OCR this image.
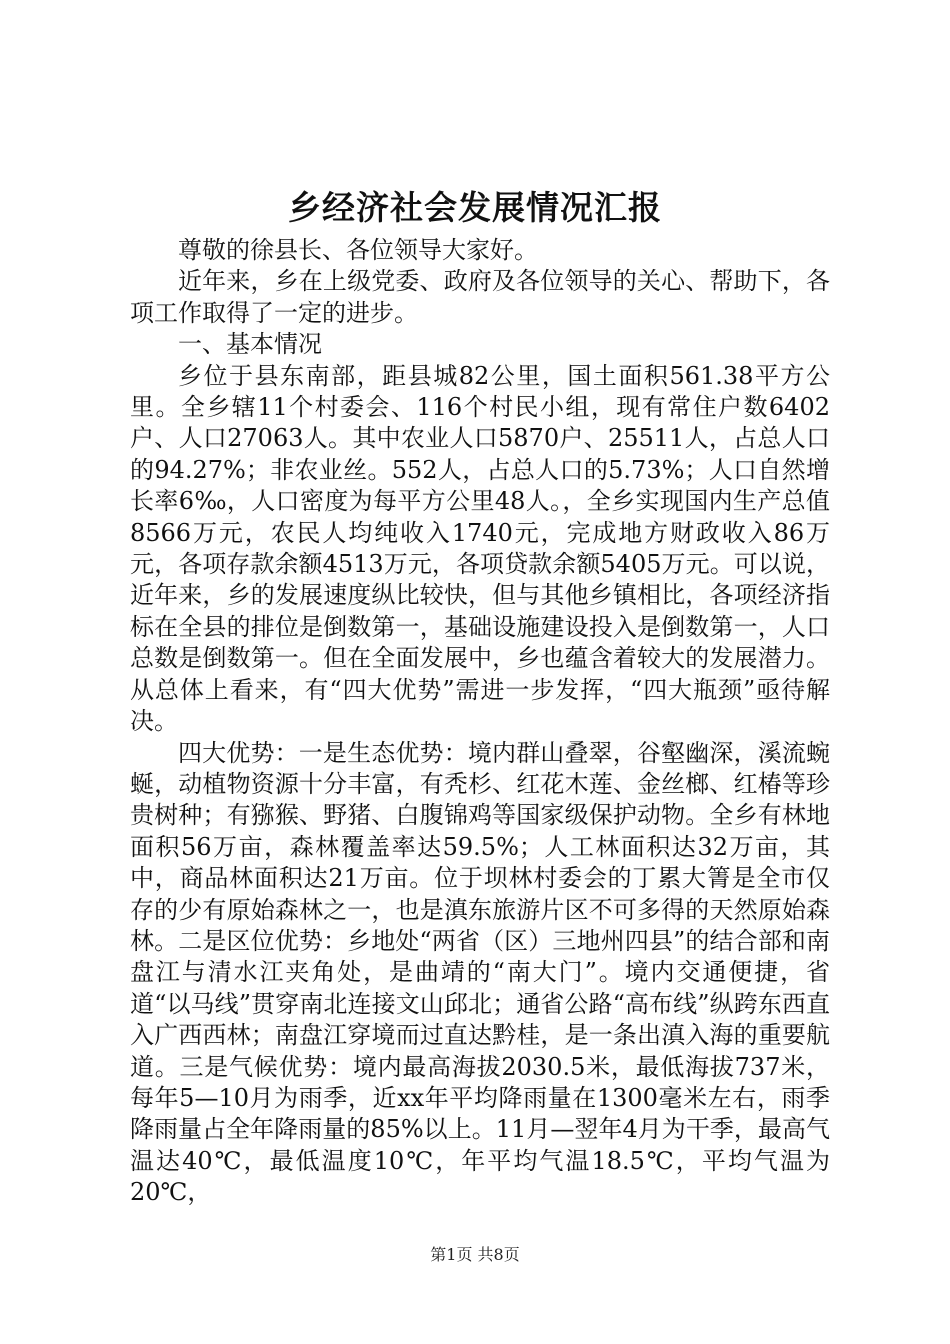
乡经济社会发展情况汇报

尊敬的徐县长、各位领导大家好。

近年来，乡在上级党委、政府及各位领导的关心、帮助下，各项工作取得了一定的进步。

一、基本情况

乡位于县东南部，距县城82公里，国土面积561.38平方公里。全乡辖11个村委会、116个村民小组，现有常住户数6402户、人口27063人。其中农业人口5870户、25511人，占总人口的94.27%；非农业丝。552人，占总人口的5.73%；人口自然增长率6‰，人口密度为每平方公里48人。，全乡实现国内生产总值8566万元，农民人均纯收入1740元，完成地方财政收入86万元，各项存款余额4513万元，各项贷款余额5405万元。可以说，近年来，乡的发展速度纵比较快，但与其他乡镇相比，各项经济指标在全县的排位是倒数第一，基础设施建设投入是倒数第一，人口总数是倒数第一。但在全面发展中，乡也蕴含着较大的发展潜力。从总体上看来，有“四大优势”需进一步发挥，“四大瓶颈”亟待解决。

四大优势：一是生态优势：境内群山叠翠，谷壑幽深，溪流蜿蜒，动植物资源十分丰富，有秃杉、红花木莲、金丝榔、红椿等珍贵树种；有猕猴、野猪、白腹锦鸡等国家级保护动物。全乡有林地面积56万亩，森林覆盖率达59.5%；人工林面积达32万亩，其中，商品林面积达21万亩。位于坝林村委会的丁累大箐是全市仅存的少有原始森林之一，也是滇东旅游片区不可多得的天然原始森林。二是区位优势：乡地处“两省（区）三地州四县”的结合部和南盘江与清水江夹角处，是曲靖的“南大门”。境内交通便捷，省道“以马线”贯穿南北连接文山邱北；通省公路“高布线”纵跨东西直入广西西林；南盘江穿境而过直达黔桂，是一条出滇入海的重要航道。三是气候优势：境内最高海拔2030.5米，最低海拔737米，每年5—10月为雨季，近xx年平均降雨量在1300毫米左右，雨季降雨量占全年降雨量的85%以上。11月—翌年4月为干季，最高气温达40℃，最低温度10℃，年平均气温18.5℃，平均气温为20℃，

第1页 共8页
